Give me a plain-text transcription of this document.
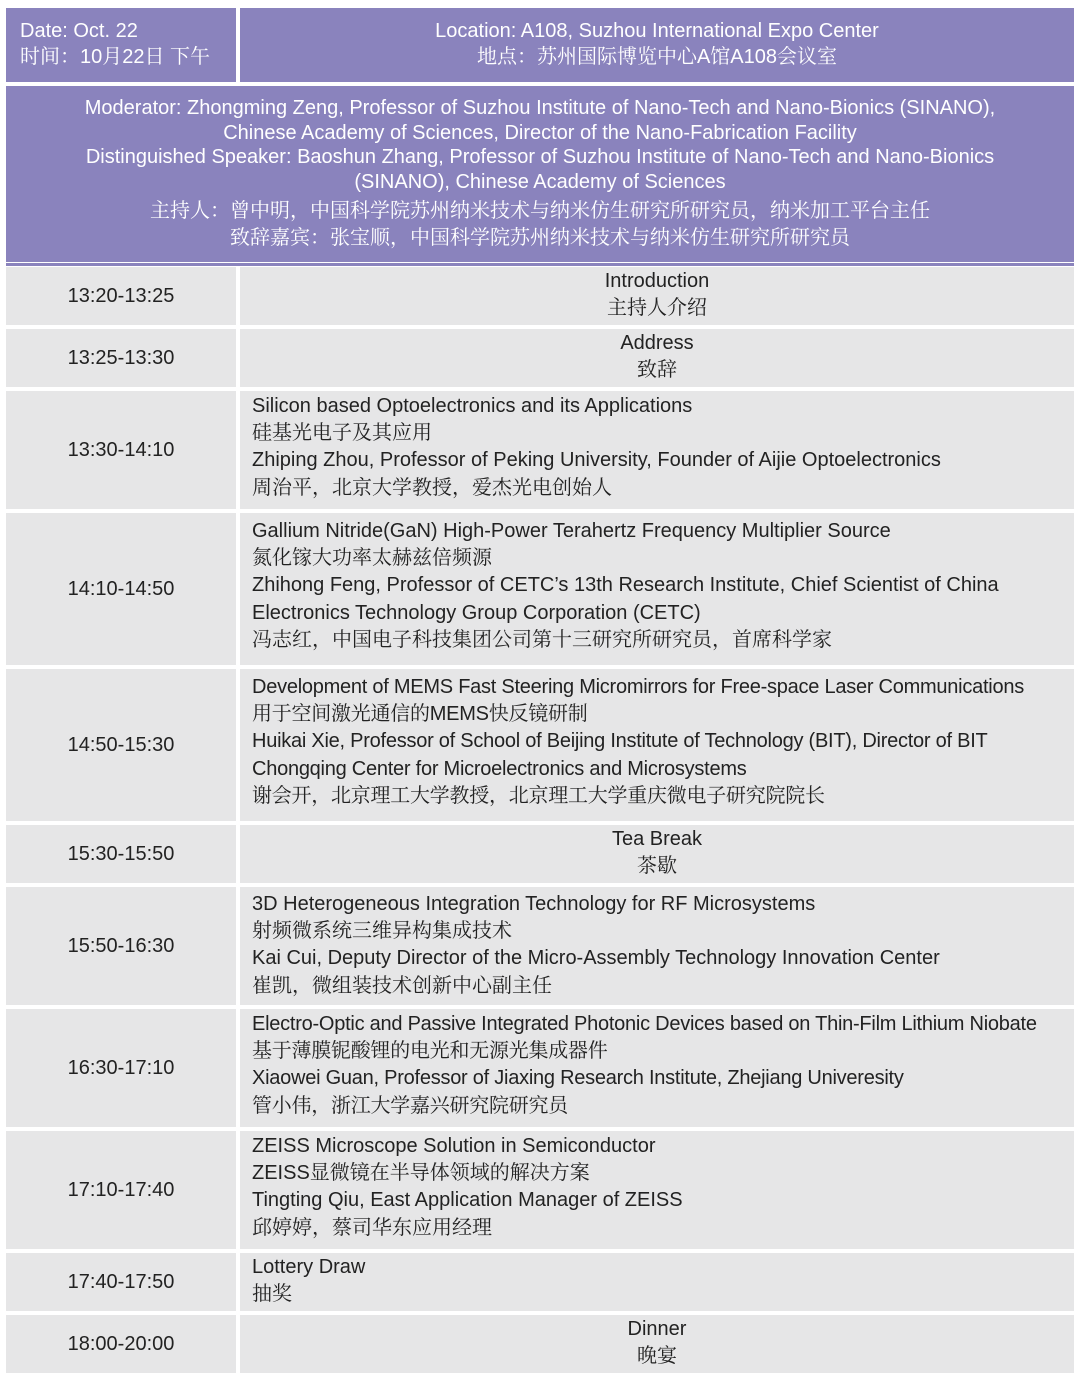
Date: Oct. 22
时间：10月22日 下午
Location: A108, Suzhou International Expo Center
地点：苏州国际博览中心A馆A108会议室
Moderator: Zhongming Zeng, Professor of Suzhou Institute of Nano-Tech and Nano-Bionics (SINANO),
Chinese Academy of Sciences, Director of the Nano-Fabrication Facility
Distinguished Speaker: Baoshun Zhang, Professor of Suzhou Institute of Nano-Tech and Nano-Bionics
(SINANO), Chinese Academy of Sciences
主持人：曾中明，中国科学院苏州纳米技术与纳米仿生研究所研究员，纳米加工平台主任
致辞嘉宾：张宝顺，中国科学院苏州纳米技术与纳米仿生研究所研究员
13:20-13:25
Introduction
主持人介绍
13:25-13:30
Address
致辞
13:30-14:10
Silicon based Optoelectronics and its Applications
硅基光电子及其应用
Zhiping Zhou, Professor of Peking University, Founder of Aijie Optoelectronics
周治平，北京大学教授，爱杰光电创始人
14:10-14:50
Gallium Nitride(GaN) High-Power Terahertz Frequency Multiplier Source
氮化镓大功率太赫兹倍频源
Zhihong Feng, Professor of CETC’s 13th Research Institute, Chief Scientist of China
Electronics Technology Group Corporation (CETC)
冯志红，中国电子科技集团公司第十三研究所研究员，首席科学家
14:50-15:30
Development of MEMS Fast Steering Micromirrors for Free-space Laser Communications
用于空间激光通信的MEMS快反镜研制
Huikai Xie, Professor of School of Beijing Institute of Technology (BIT), Director of BIT
Chongqing Center for Microelectronics and Microsystems
谢会开，北京理工大学教授，北京理工大学重庆微电子研究院院长
15:30-15:50
Tea Break
茶歇
15:50-16:30
3D Heterogeneous Integration Technology for RF Microsystems
射频微系统三维异构集成技术
Kai Cui, Deputy Director of the Micro-Assembly Technology Innovation Center
崔凯，微组装技术创新中心副主任
16:30-17:10
Electro-Optic and Passive Integrated Photonic Devices based on Thin-Film Lithium Niobate
基于薄膜铌酸锂的电光和无源光集成器件
Xiaowei Guan, Professor of Jiaxing Research Institute, Zhejiang Univeresity
管小伟，浙江大学嘉兴研究院研究员
17:10-17:40
ZEISS Microscope Solution in Semiconductor
ZEISS显微镜在半导体领域的解决方案
Tingting Qiu, East Application Manager of ZEISS
邱婷婷，蔡司华东应用经理
17:40-17:50
Lottery Draw
抽奖
18:00-20:00
Dinner
晚宴
